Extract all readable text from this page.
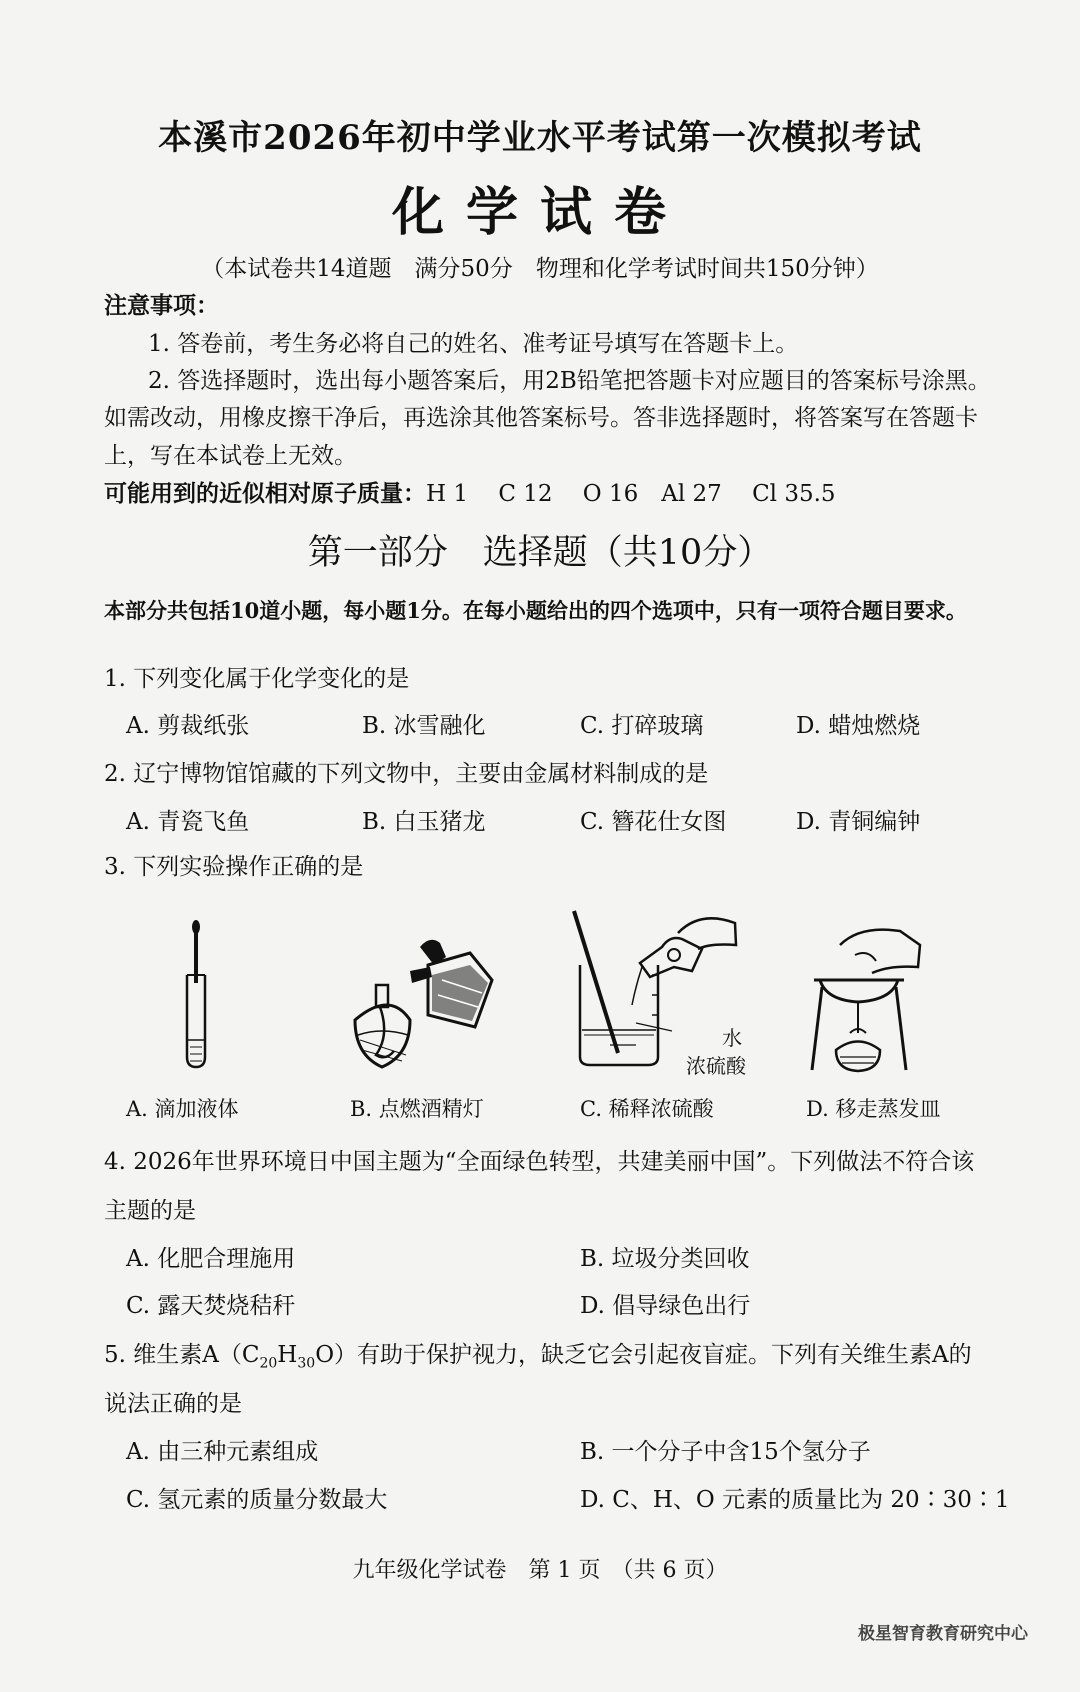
本溪市2026年初中学业水平考试第一次模拟考试
化学试卷
（本试卷共14道题　满分50分　物理和化学考试时间共150分钟）
注意事项：
1. 答卷前，考生务必将自己的姓名、准考证号填写在答题卡上。
2. 答选择题时，选出每小题答案后，用2B铅笔把答题卡对应题目的答案标号涂黑。
如需改动，用橡皮擦干净后，再选涂其他答案标号。答非选择题时，将答案写在答题卡
上，写在本试卷上无效。
可能用到的近似相对原子质量：H 1　 C 12　 O 16　Al 27　 Cl 35.5
第一部分　选择题（共10分）
本部分共包括10道小题，每小题1分。在每小题给出的四个选项中，只有一项符合题目要求。
1. 下列变化属于化学变化的是
A. 剪裁纸张	B. 冰雪融化	C. 打碎玻璃	D. 蜡烛燃烧
2. 辽宁博物馆馆藏的下列文物中，主要由金属材料制成的是
A. 青瓷飞鱼	B. 白玉猪龙	C. 簪花仕女图	D. 青铜编钟
3. 下列实验操作正确的是
水
浓硫酸
A. 滴加液体	B. 点燃酒精灯	C. 稀释浓硫酸	D. 移走蒸发皿
4. 2026年世界环境日中国主题为“全面绿色转型，共建美丽中国”。下列做法不符合该
主题的是
A. 化肥合理施用	B. 垃圾分类回收
C. 露天焚烧秸秆	D. 倡导绿色出行
5. 维生素$A(C_{20}H_{30}O)$有助于保护视力，缺乏它会引起夜盲症。下列有关维生素A的
说法正确的是
A. 由三种元素组成	B. 一个分子中含15个氢分子
C. 氢元素的质量分数最大	D. C、H、O 元素的质量比为 20∶30∶1
九年级化学试卷　第 1 页　（共 6 页）
极星智育教育研究中心
